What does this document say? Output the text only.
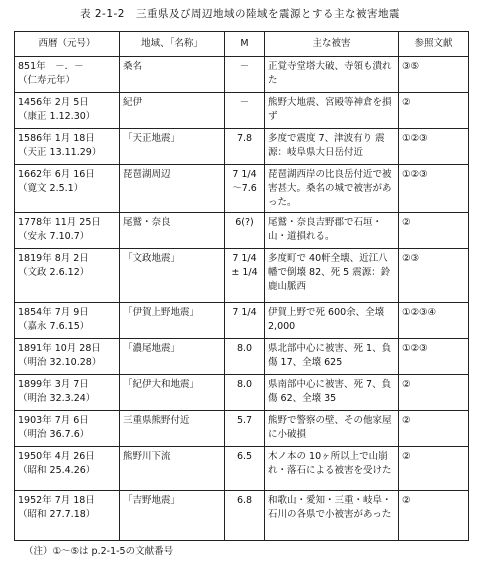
表 2-1-2　三重県及び周辺地域の陸域を震源とする主な被害地震
西暦（元号）	地域、「名称」	M	主な被害	参照文献

851年　－．－
（仁寿元年）	桑名	－	正覚寺堂塔大破、寺領も潰れた	③⑤

1456年 2月 5日
（康正 1.12.30）	紀伊	－	熊野大地震、宮殿等神倉を損ず	②

1586年 1月 18日
（天正 13.11.29）	「天正地震」	7.8	多度で震度 7、津波有り 震源：岐阜県大日岳付近	①②③

1662年 6月 16日
（寛文 2.5.1）	琵琶湖周辺	7 1/4 ～7.6	琵琶湖西岸の比良岳付近で被害甚大。桑名の城で被害があった。	①②③

1778年 11月 25日
（安永 7.10.7）	尾鷲・奈良	6(?)	尾鷲・奈良吉野郡で石垣・山・道損れる。	②

1819年 8月 2日
（文政 2.6.12）	「文政地震」	7 1/4 ± 1/4	多度町で 40軒全壊、近江八幡で倒壊 82、死 5 震源：鈴鹿山脈西	②③

1854年 7月 9日
（嘉永 7.6.15）	「伊賀上野地震」	7 1/4	伊賀上野で死 600余、全壊 2,000	①②③④

1891年 10月 28日
（明治 32.10.28）	「濃尾地震」	8.0	県北部中心に被害、死 1、負傷 17、全壊 625	①②③

1899年 3月 7日
（明治 32.3.24）	「紀伊大和地震」	8.0	県南部中心に被害、死 7、負傷 62、全壊 35	②

1903年 7月 6日
（明治 36.7.6）	三重県熊野付近	5.7	熊野で警察の壁、その他家屋に小破損	②

1950年 4月 26日
（昭和 25.4.26）	熊野川下流	6.5	木ノ本の 10ヶ所以上で山崩れ・落石による被害を受けた	②

1952年 7月 18日
（昭和 27.7.18）	「吉野地震」	6.8	和歌山・愛知・三重・岐阜・石川の各県で小被害があった	②
（注）①～⑤は p.2-1-5の文献番号
